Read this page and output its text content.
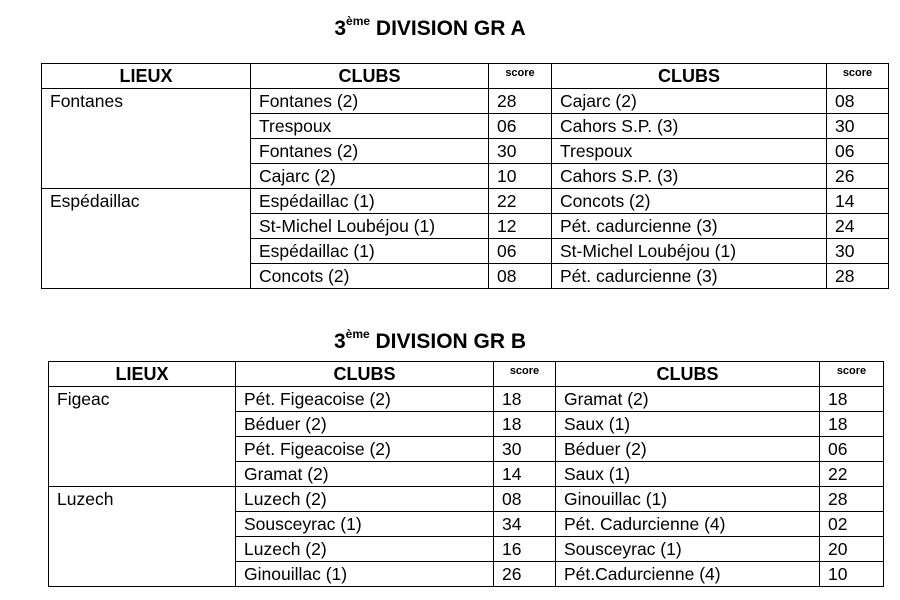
3ème DIVISION GR A
LIEUX	CLUBS	score	CLUBS	score
Fontanes	Fontanes (2)	28	Cajarc (2)	08
	Trespoux	06	Cahors S.P. (3)	30
	Fontanes (2)	30	Trespoux	06
	Cajarc (2)	10	Cahors S.P. (3)	26
Espédaillac	Espédaillac (1)	22	Concots (2)	14
	St-Michel Loubéjou (1)	12	Pét. cadurcienne (3)	24
	Espédaillac (1)	06	St-Michel Loubéjou (1)	30
	Concots (2)	08	Pét. cadurcienne (3)	28
3ème DIVISION GR B
LIEUX	CLUBS	score	CLUBS	score
Figeac	Pét. Figeacoise (2)	18	Gramat (2)	18
	Béduer (2)	18	Saux (1)	18
	Pét. Figeacoise (2)	30	Béduer (2)	06
	Gramat (2)	14	Saux (1)	22
Luzech	Luzech (2)	08	Ginouillac (1)	28
	Sousceyrac (1)	34	Pét. Cadurcienne (4)	02
	Luzech (2)	16	Sousceyrac (1)	20
	Ginouillac (1)	26	Pét.Cadurcienne (4)	10
